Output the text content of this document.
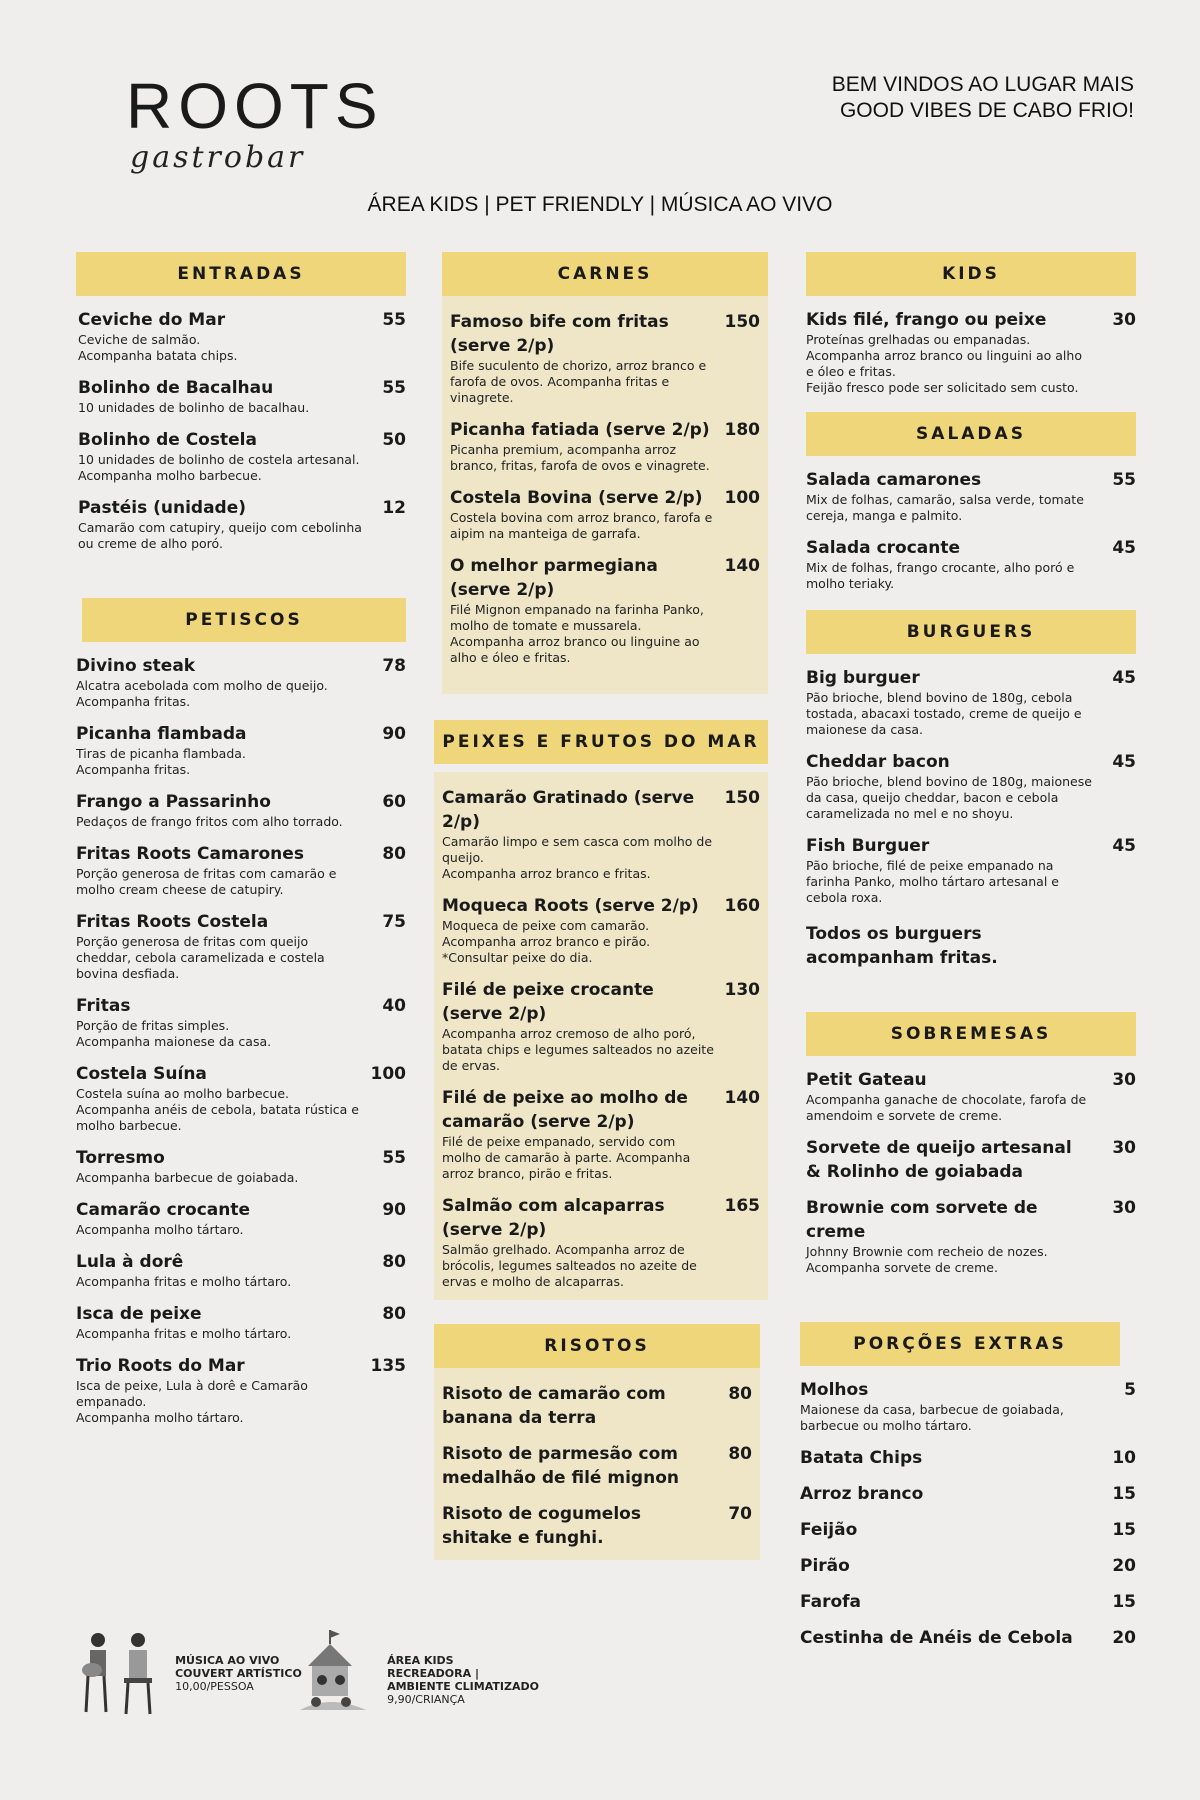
ROOTS
gastrobar
BEM VINDOS AO LUGAR MAIS
GOOD VIBES DE CABO FRIO!
ÁREA KIDS | PET FRIENDLY | MÚSICA AO VIVO
ENTRADAS
Ceviche do Mar	55
Ceviche de salmão.
Acompanha batata chips.
Bolinho de Bacalhau	55
10 unidades de bolinho de bacalhau.
Bolinho de Costela	50
10 unidades de bolinho de costela artesanal. Acompanha molho barbecue.
Pastéis (unidade)	12
Camarão com catupiry, queijo com cebolinha ou creme de alho poró.
PETISCOS
Divino steak	78
Alcatra acebolada com molho de queijo.
Acompanha fritas.
Picanha flambada	90
Tiras de picanha flambada.
Acompanha fritas.
Frango a Passarinho	60
Pedaços de frango fritos com alho torrado.
Fritas Roots Camarones	80
Porção generosa de fritas com camarão e molho cream cheese de catupiry.
Fritas Roots Costela	75
Porção generosa de fritas com queijo cheddar, cebola caramelizada e costela bovina desfiada.
Fritas	40
Porção de fritas simples.
Acompanha maionese da casa.
Costela Suína	100
Costela suína ao molho barbecue. Acompanha anéis de cebola, batata rústica e molho barbecue.
Torresmo	55
Acompanha barbecue de goiabada.
Camarão crocante	90
Acompanha molho tártaro.
Lula à dorê	80
Acompanha fritas e molho tártaro.
Isca de peixe	80
Acompanha fritas e molho tártaro.
Trio Roots do Mar	135
Isca de peixe, Lula à dorê e Camarão empanado.
Acompanha molho tártaro.
CARNES
Famoso bife com fritas (serve 2/p)
150
Bife suculento de chorizo, arroz branco e farofa de ovos. Acompanha fritas e vinagrete.
Picanha fatiada (serve 2/p) 180
Picanha premium, acompanha arroz branco, fritas, farofa de ovos e vinagrete.
Costela Bovina (serve 2/p)	100
Costela bovina com arroz branco, farofa e aipim na manteiga de garrafa.
O melhor parmegiana (serve 2/p)
140
Filé Mignon empanado na farinha Panko, molho de tomate e mussarela. Acompanha arroz branco ou linguine ao alho e óleo e fritas.
PEIXES E FRUTOS DO MAR
Camarão Gratinado (serve 2/p)
150
Camarão limpo e sem casca com molho de queijo.
Acompanha arroz branco e fritas.
Moqueca Roots (serve 2/p)	160
Moqueca de peixe com camarão.
Acompanha arroz branco e pirão.
*Consultar peixe do dia.
Filé de peixe crocante (serve 2/p)
130
Acompanha arroz cremoso de alho poró, batata chips e legumes salteados no azeite de ervas.
Filé de peixe ao molho de camarão (serve 2/p)
140
Filé de peixe empanado, servido com molho de camarão à parte. Acompanha arroz branco, pirão e fritas.
Salmão com alcaparras (serve 2/p)
165
Salmão grelhado. Acompanha arroz de brócolis, legumes salteados no azeite de ervas e molho de alcaparras.
RISOTOS
Risoto de camarão com banana da terra
80
Risoto de parmesão com medalhão de filé mignon
80
Risoto de cogumelos shitake e funghi.
70
KIDS
Kids filé, frango ou peixe	30
Proteínas grelhadas ou empanadas.
Acompanha arroz branco ou linguini ao alho e óleo e fritas.
Feijão fresco pode ser solicitado sem custo.
SALADAS
Salada camarones	55
Mix de folhas, camarão, salsa verde, tomate cereja, manga e palmito.
Salada crocante	45
Mix de folhas, frango crocante, alho poró e molho teriaky.
BURGUERS
Big burguer	45
Pão brioche, blend bovino de 180g, cebola tostada, abacaxi tostado, creme de queijo e maionese da casa.
Cheddar bacon	45
Pão brioche, blend bovino de 180g, maionese da casa, queijo cheddar, bacon e cebola caramelizada no mel e no shoyu.
Fish Burguer	45
Pão brioche, filé de peixe empanado na farinha Panko, molho tártaro artesanal e cebola roxa.
Todos os burguers acompanham fritas.
SOBREMESAS
Petit Gateau	30
Acompanha ganache de chocolate, farofa de amendoim e sorvete de creme.
Sorvete de queijo artesanal & Rolinho de goiabada
30
Brownie com sorvete de creme
30
Johnny Brownie com recheio de nozes.
Acompanha sorvete de creme.
PORÇÕES EXTRAS
Molhos	5
Maionese da casa, barbecue de goiabada, barbecue ou molho tártaro.
Batata Chips	10
Arroz branco	15
Feijão	15
Pirão	20
Farofa	15
Cestinha de Anéis de Cebola	20

MÚSICA AO VIVO
COUVERT ARTÍSTICO
10,00/PESSOA

ÁREA KIDS
RECREADORA |
AMBIENTE CLIMATIZADO
9,90/CRIANÇA
